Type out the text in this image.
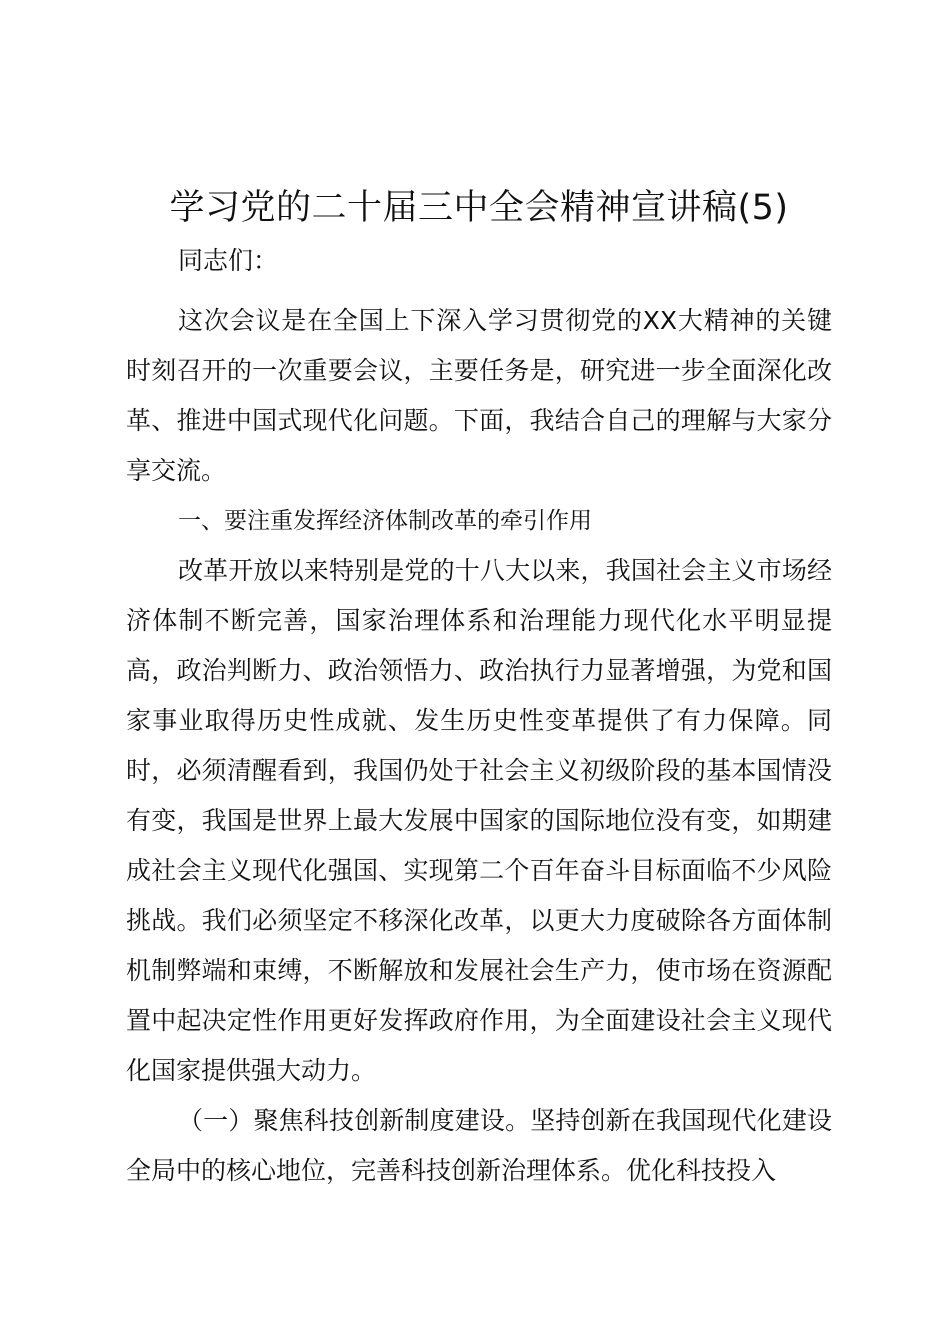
学习党的二十届三中全会精神宣讲稿(5)

同志们：

这次会议是在全国上下深入学习贯彻党的XX大精神的关键时刻召开的一次重要会议，主要任务是，研究进一步全面深化改革、推进中国式现代化问题。下面，我结合自己的理解与大家分享交流。

一、要注重发挥经济体制改革的牵引作用

改革开放以来特别是党的十八大以来，我国社会主义市场经济体制不断完善，国家治理体系和治理能力现代化水平明显提高，政治判断力、政治领悟力、政治执行力显著增强，为党和国家事业取得历史性成就、发生历史性变革提供了有力保障。同时，必须清醒看到，我国仍处于社会主义初级阶段的基本国情没有变，我国是世界上最大发展中国家的国际地位没有变，如期建成社会主义现代化强国、实现第二个百年奋斗目标面临不少风险挑战。我们必须坚定不移深化改革，以更大力度破除各方面体制机制弊端和束缚，不断解放和发展社会生产力，使市场在资源配置中起决定性作用更好发挥政府作用，为全面建设社会主义现代化国家提供强大动力。

（一）聚焦科技创新制度建设。坚持创新在我国现代化建设全局中的核心地位，完善科技创新治理体系。优化科技投入
